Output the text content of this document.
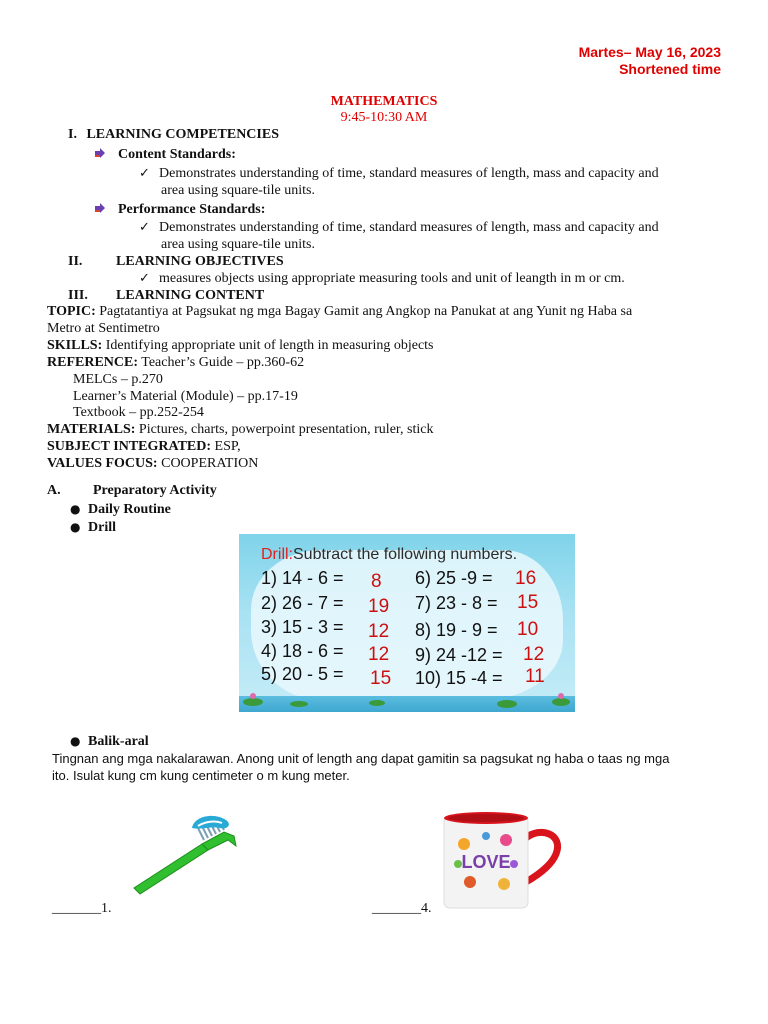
Martes– May 16, 2023
Shortened time
MATHEMATICS
9:45-10:30 AM
I. LEARNING COMPETENCIES
Content Standards:
✓ Demonstrates understanding of time, standard measures of length, mass and capacity and
area using square-tile units.
Performance Standards:
✓ Demonstrates understanding of time, standard measures of length, mass and capacity and
area using square-tile units.
II. LEARNING OBJECTIVES
✓ measures objects using appropriate measuring tools and unit of leangth in m or cm.
III. LEARNING CONTENT
TOPIC: Pagtatantiya at Pagsukat ng mga Bagay Gamit ang Angkop na Panukat at ang Yunit ng Haba sa
Metro at Sentimetro
SKILLS: Identifying appropriate unit of length in measuring objects
REFERENCE: Teacher’s Guide – pp.360-62
MELCs – p.270
Learner’s Material (Module) – pp.17-19
Textbook – pp.252-254
MATERIALS: Pictures, charts, powerpoint presentation, ruler, stick
SUBJECT INTEGRATED: ESP,
VALUES FOCUS: COOPERATION
A. Preparatory Activity
● Daily Routine
● Drill
Drill:Subtract the following numbers.
1) 14 - 6 = 8
2) 26 - 7 = 19
3) 15 - 3 = 12
4) 18 - 6 = 12
5) 20 - 5 = 15
6) 25 -9 = 16
7) 23 - 8 = 15
8) 19 - 9 = 10
9) 24 -12 = 12
10) 15 -4 = 11
● Balik-aral
Tingnan ang mga nakalarawan. Anong unit of length ang dapat gamitin sa pagsukat ng haba o taas ng mga
ito. Isulat kung cm kung centimeter o m kung meter.
LOVE
_______1.	_______4.
